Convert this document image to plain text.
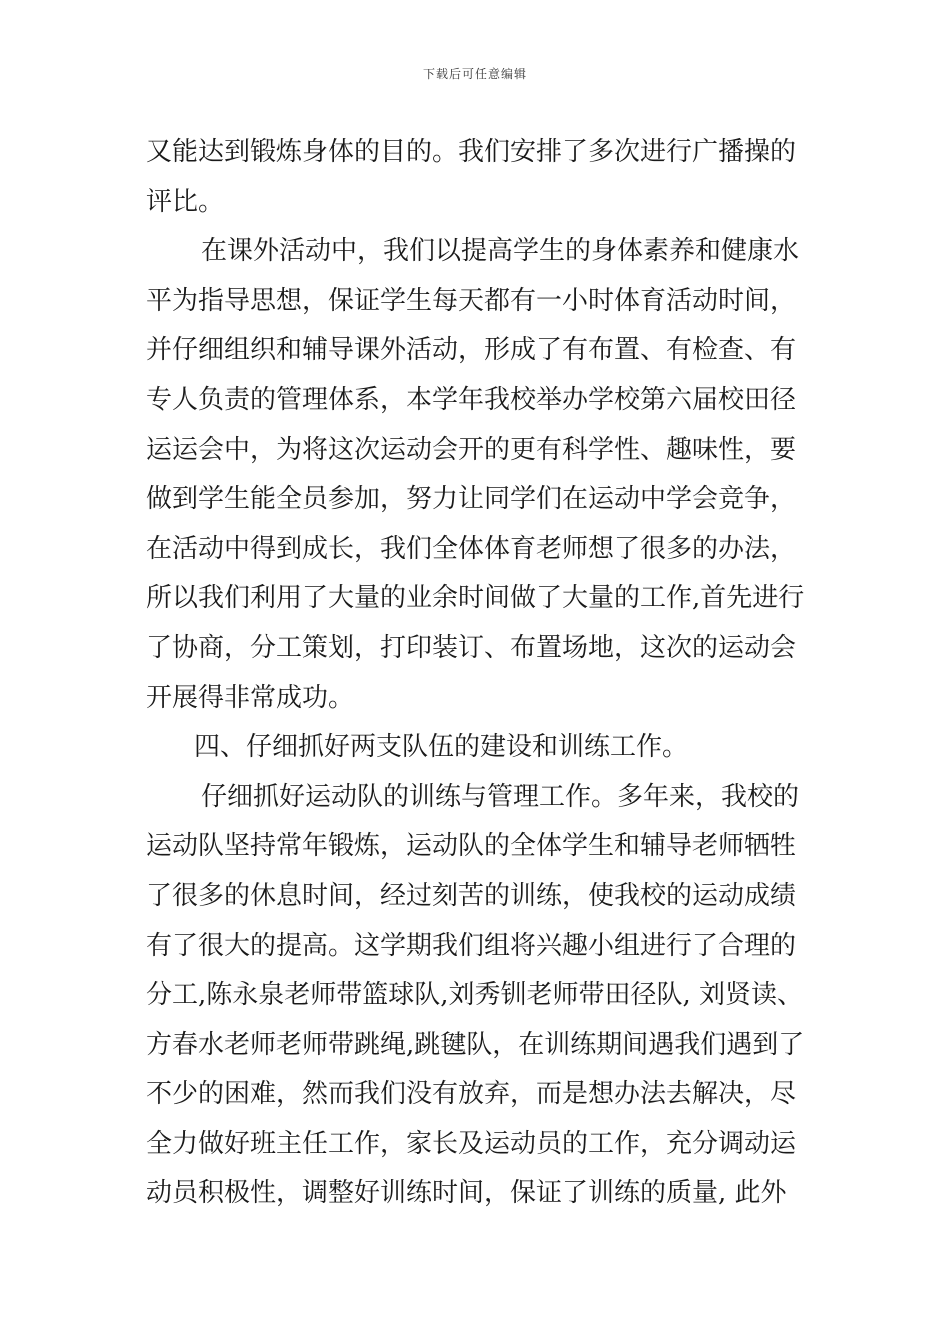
下载后可任意编辑
又能达到锻炼身体的目的。我们安排了多次进行广播操的
评比。
在课外活动中，我们以提高学生的身体素养和健康水
平为指导思想，保证学生每天都有一小时体育活动时间，
并仔细组织和辅导课外活动，形成了有布置、有检查、有
专人负责的管理体系，本学年我校举办学校第六届校田径
运运会中，为将这次运动会开的更有科学性、趣味性，要
做到学生能全员参加，努力让同学们在运动中学会竞争，
在活动中得到成长，我们全体体育老师想了很多的办法，
所以我们利用了大量的业余时间做了大量的工作,首先进行
了协商，分工策划，打印装订、布置场地，这次的运动会
开展得非常成功。
四、仔细抓好两支队伍的建设和训练工作。
仔细抓好运动队的训练与管理工作。多年来，我校的
运动队坚持常年锻炼，运动队的全体学生和辅导老师牺牲
了很多的休息时间，经过刻苦的训练，使我校的运动成绩
有了很大的提高。这学期我们组将兴趣小组进行了合理的
分工,陈永泉老师带篮球队,刘秀钏老师带田径队, 刘贤读、
方春水老师老师带跳绳,跳毽队，在训练期间遇我们遇到了
不少的困难，然而我们没有放弃，而是想办法去解决，尽
全力做好班主任工作，家长及运动员的工作，充分调动运
动员积极性，调整好训练时间，保证了训练的质量, 此外
